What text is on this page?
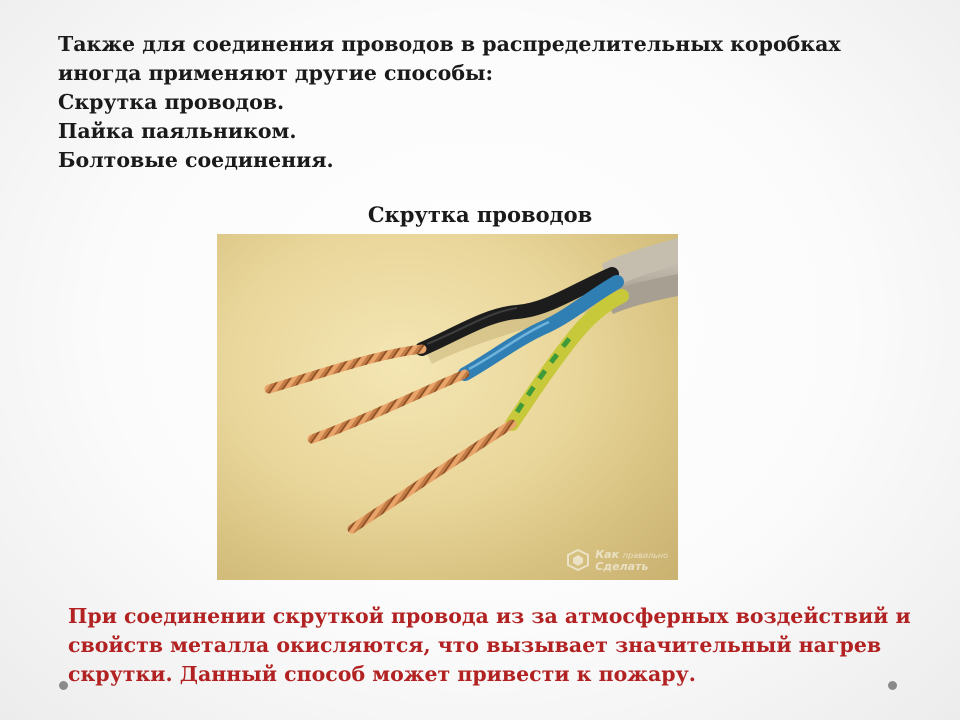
Также для соединения проводов в распределительных коробках
иногда применяют другие способы:
Скрутка проводов.
Пайка паяльником.
Болтовые соединения.
Скрутка проводов
Как правильно
Сделать
При соединении скруткой провода из за атмосферных воздействий и
свойств металла окисляются, что вызывает значительный нагрев
скрутки. Данный способ может привести к пожару.
